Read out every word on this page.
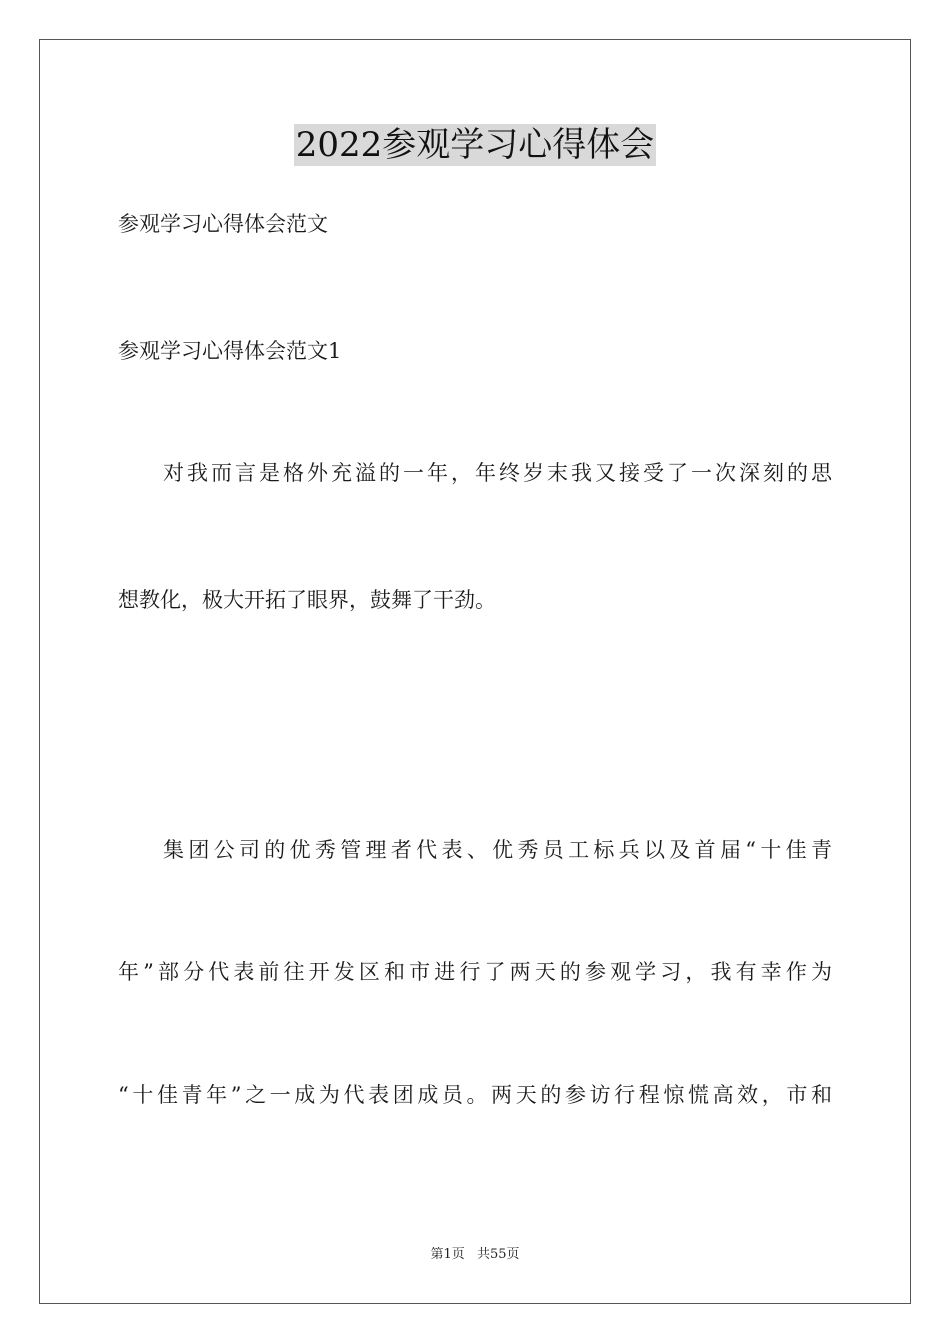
2022参观学习心得体会
参观学习心得体会范文
参观学习心得体会范文1
对我而言是格外充溢的一年，年终岁末我又接受了一次深刻的思
想教化，极大开拓了眼界，鼓舞了干劲。
集团公司的优秀管理者代表、优秀员工标兵以及首届“十佳青
年”部分代表前往开发区和市进行了两天的参观学习，我有幸作为
“十佳青年”之一成为代表团成员。两天的参访行程惊慌高效，市和
第1页 共55页
